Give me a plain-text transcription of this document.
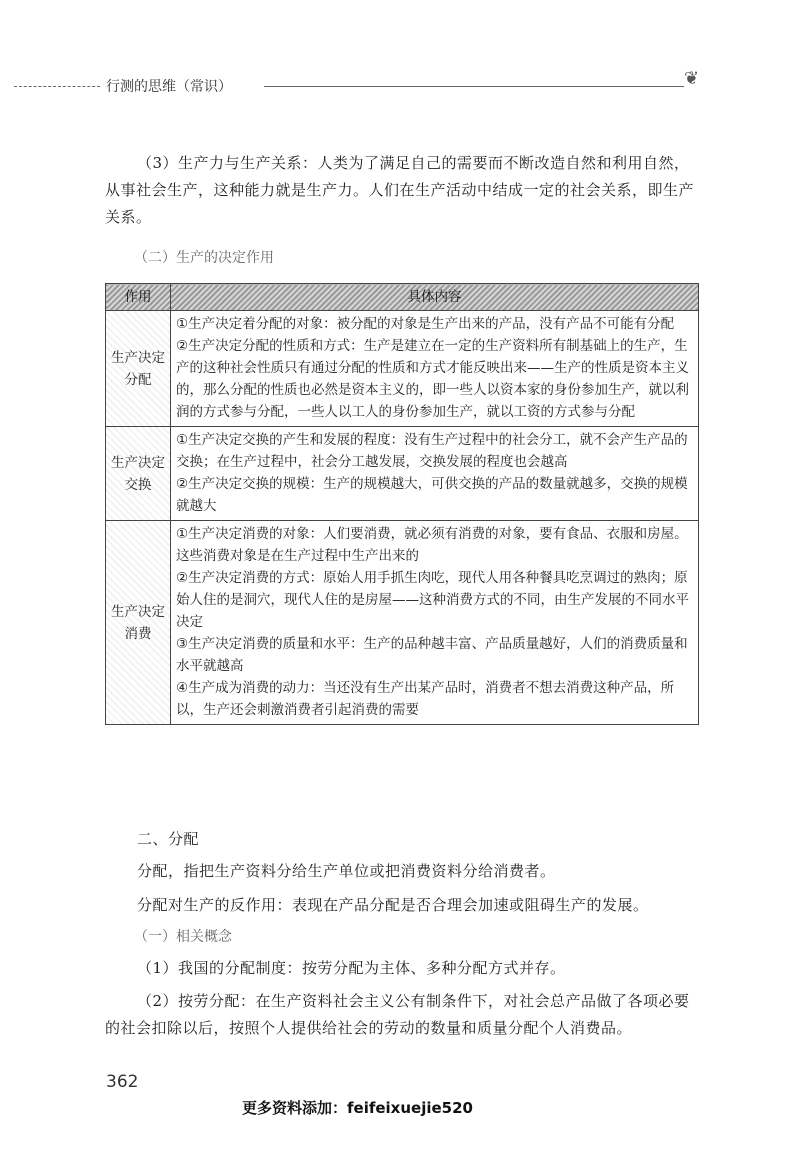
行测的思维（常识）	❦
（3）生产力与生产关系：人类为了满足自己的需要而不断改造自然和利用自然，从事社会生产，这种能力就是生产力。人们在生产活动中结成一定的社会关系，即生产关系。
（二）生产的决定作用
作用	具体内容
生产决定分配	①生产决定着分配的对象：被分配的对象是生产出来的产品，没有产品不可能有分配
②生产决定分配的性质和方式：生产是建立在一定的生产资料所有制基础上的生产，生产的这种社会性质只有通过分配的性质和方式才能反映出来——生产的性质是资本主义的，那么分配的性质也必然是资本主义的，即一些人以资本家的身份参加生产，就以利润的方式参与分配，一些人以工人的身份参加生产，就以工资的方式参与分配

生产决定交换	①生产决定交换的产生和发展的程度：没有生产过程中的社会分工，就不会产生产品的交换；在生产过程中，社会分工越发展，交换发展的程度也会越高
②生产决定交换的规模：生产的规模越大，可供交换的产品的数量就越多，交换的规模就越大

生产决定消费	①生产决定消费的对象：人们要消费，就必须有消费的对象，要有食品、衣服和房屋。这些消费对象是在生产过程中生产出来的
②生产决定消费的方式：原始人用手抓生肉吃，现代人用各种餐具吃烹调过的熟肉；原始人住的是洞穴，现代人住的是房屋——这种消费方式的不同，由生产发展的不同水平决定
③生产决定消费的质量和水平：生产的品种越丰富、产品质量越好，人们的消费质量和水平就越高
④生产成为消费的动力：当还没有生产出某产品时，消费者不想去消费这种产品，所以，生产还会刺激消费者引起消费的需要
二、分配
分配，指把生产资料分给生产单位或把消费资料分给消费者。
分配对生产的反作用：表现在产品分配是否合理会加速或阻碍生产的发展。
（一）相关概念
（1）我国的分配制度：按劳分配为主体、多种分配方式并存。
（2）按劳分配：在生产资料社会主义公有制条件下，对社会总产品做了各项必要的社会扣除以后，按照个人提供给社会的劳动的数量和质量分配个人消费品。
362
更多资料添加：feifeixuejie520
